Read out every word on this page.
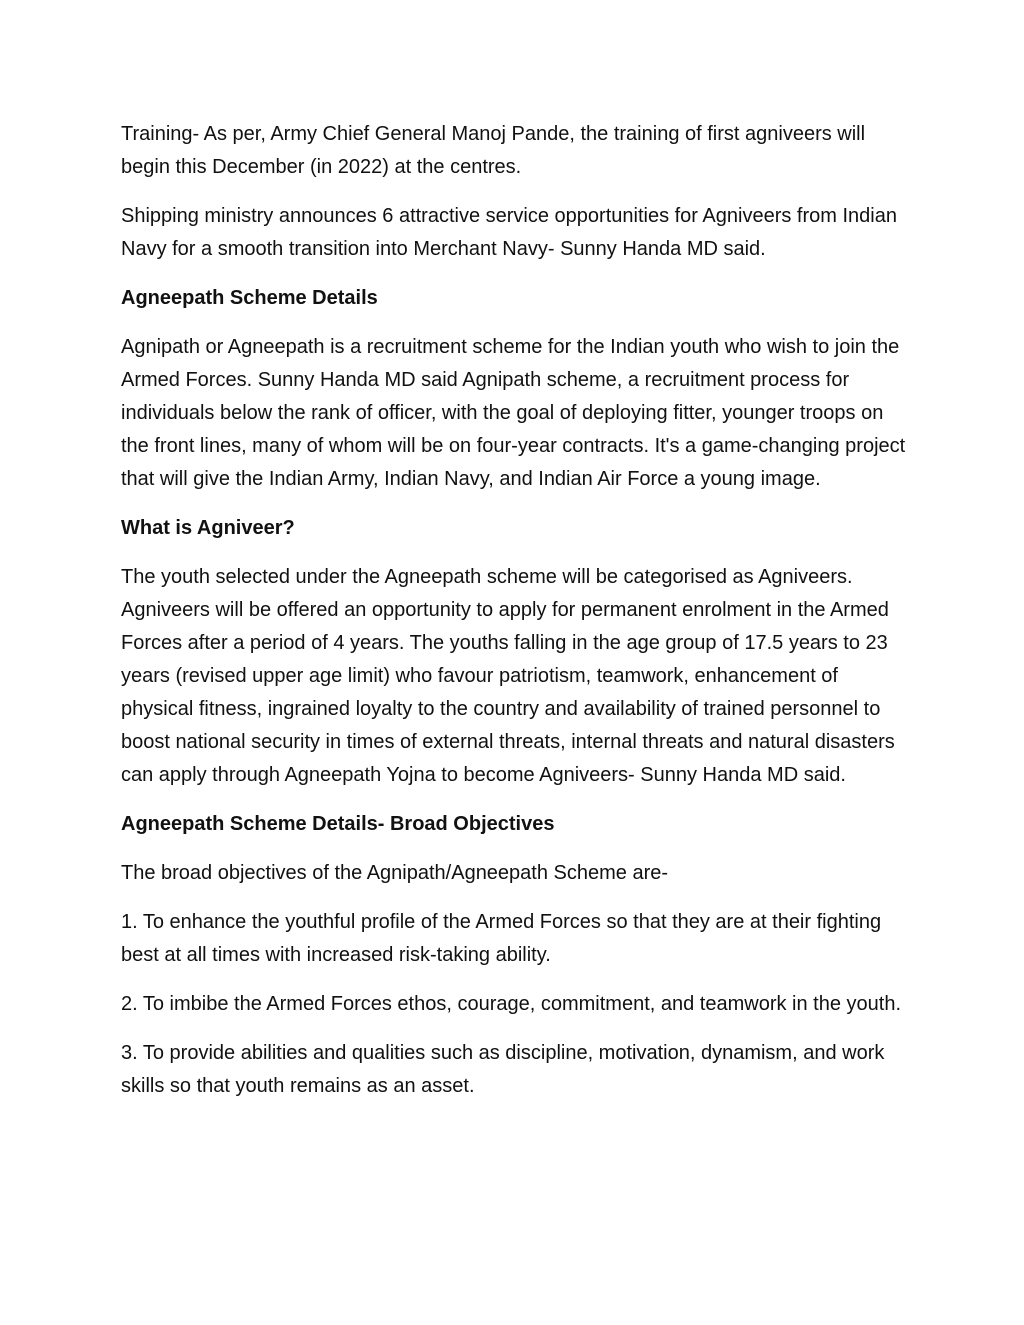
Training- As per, Army Chief General Manoj Pande, the training of first agniveers will begin this December (in 2022) at the centres.

Shipping ministry announces 6 attractive service opportunities for Agniveers from Indian Navy for a smooth transition into Merchant Navy- Sunny Handa MD said.

Agneepath Scheme Details

Agnipath or Agneepath is a recruitment scheme for the Indian youth who wish to join the Armed Forces. Sunny Handa MD said Agnipath scheme, a recruitment process for individuals below the rank of officer, with the goal of deploying fitter, younger troops on the front lines, many of whom will be on four-year contracts. It's a game-changing project that will give the Indian Army, Indian Navy, and Indian Air Force a young image.

What is Agniveer?

The youth selected under the Agneepath scheme will be categorised as Agniveers. Agniveers will be offered an opportunity to apply for permanent enrolment in the Armed Forces after a period of 4 years. The youths falling in the age group of 17.5 years to 23 years (revised upper age limit) who favour patriotism, teamwork, enhancement of physical fitness, ingrained loyalty to the country and availability of trained personnel to boost national security in times of external threats, internal threats and natural disasters can apply through Agneepath Yojna to become Agniveers- Sunny Handa MD said.

Agneepath Scheme Details- Broad Objectives

The broad objectives of the Agnipath/Agneepath Scheme are-

1. To enhance the youthful profile of the Armed Forces so that they are at their fighting best at all times with increased risk-taking ability.

2. To imbibe the Armed Forces ethos, courage, commitment, and teamwork in the youth.

3. To provide abilities and qualities such as discipline, motivation, dynamism, and work skills so that youth remains as an asset.
